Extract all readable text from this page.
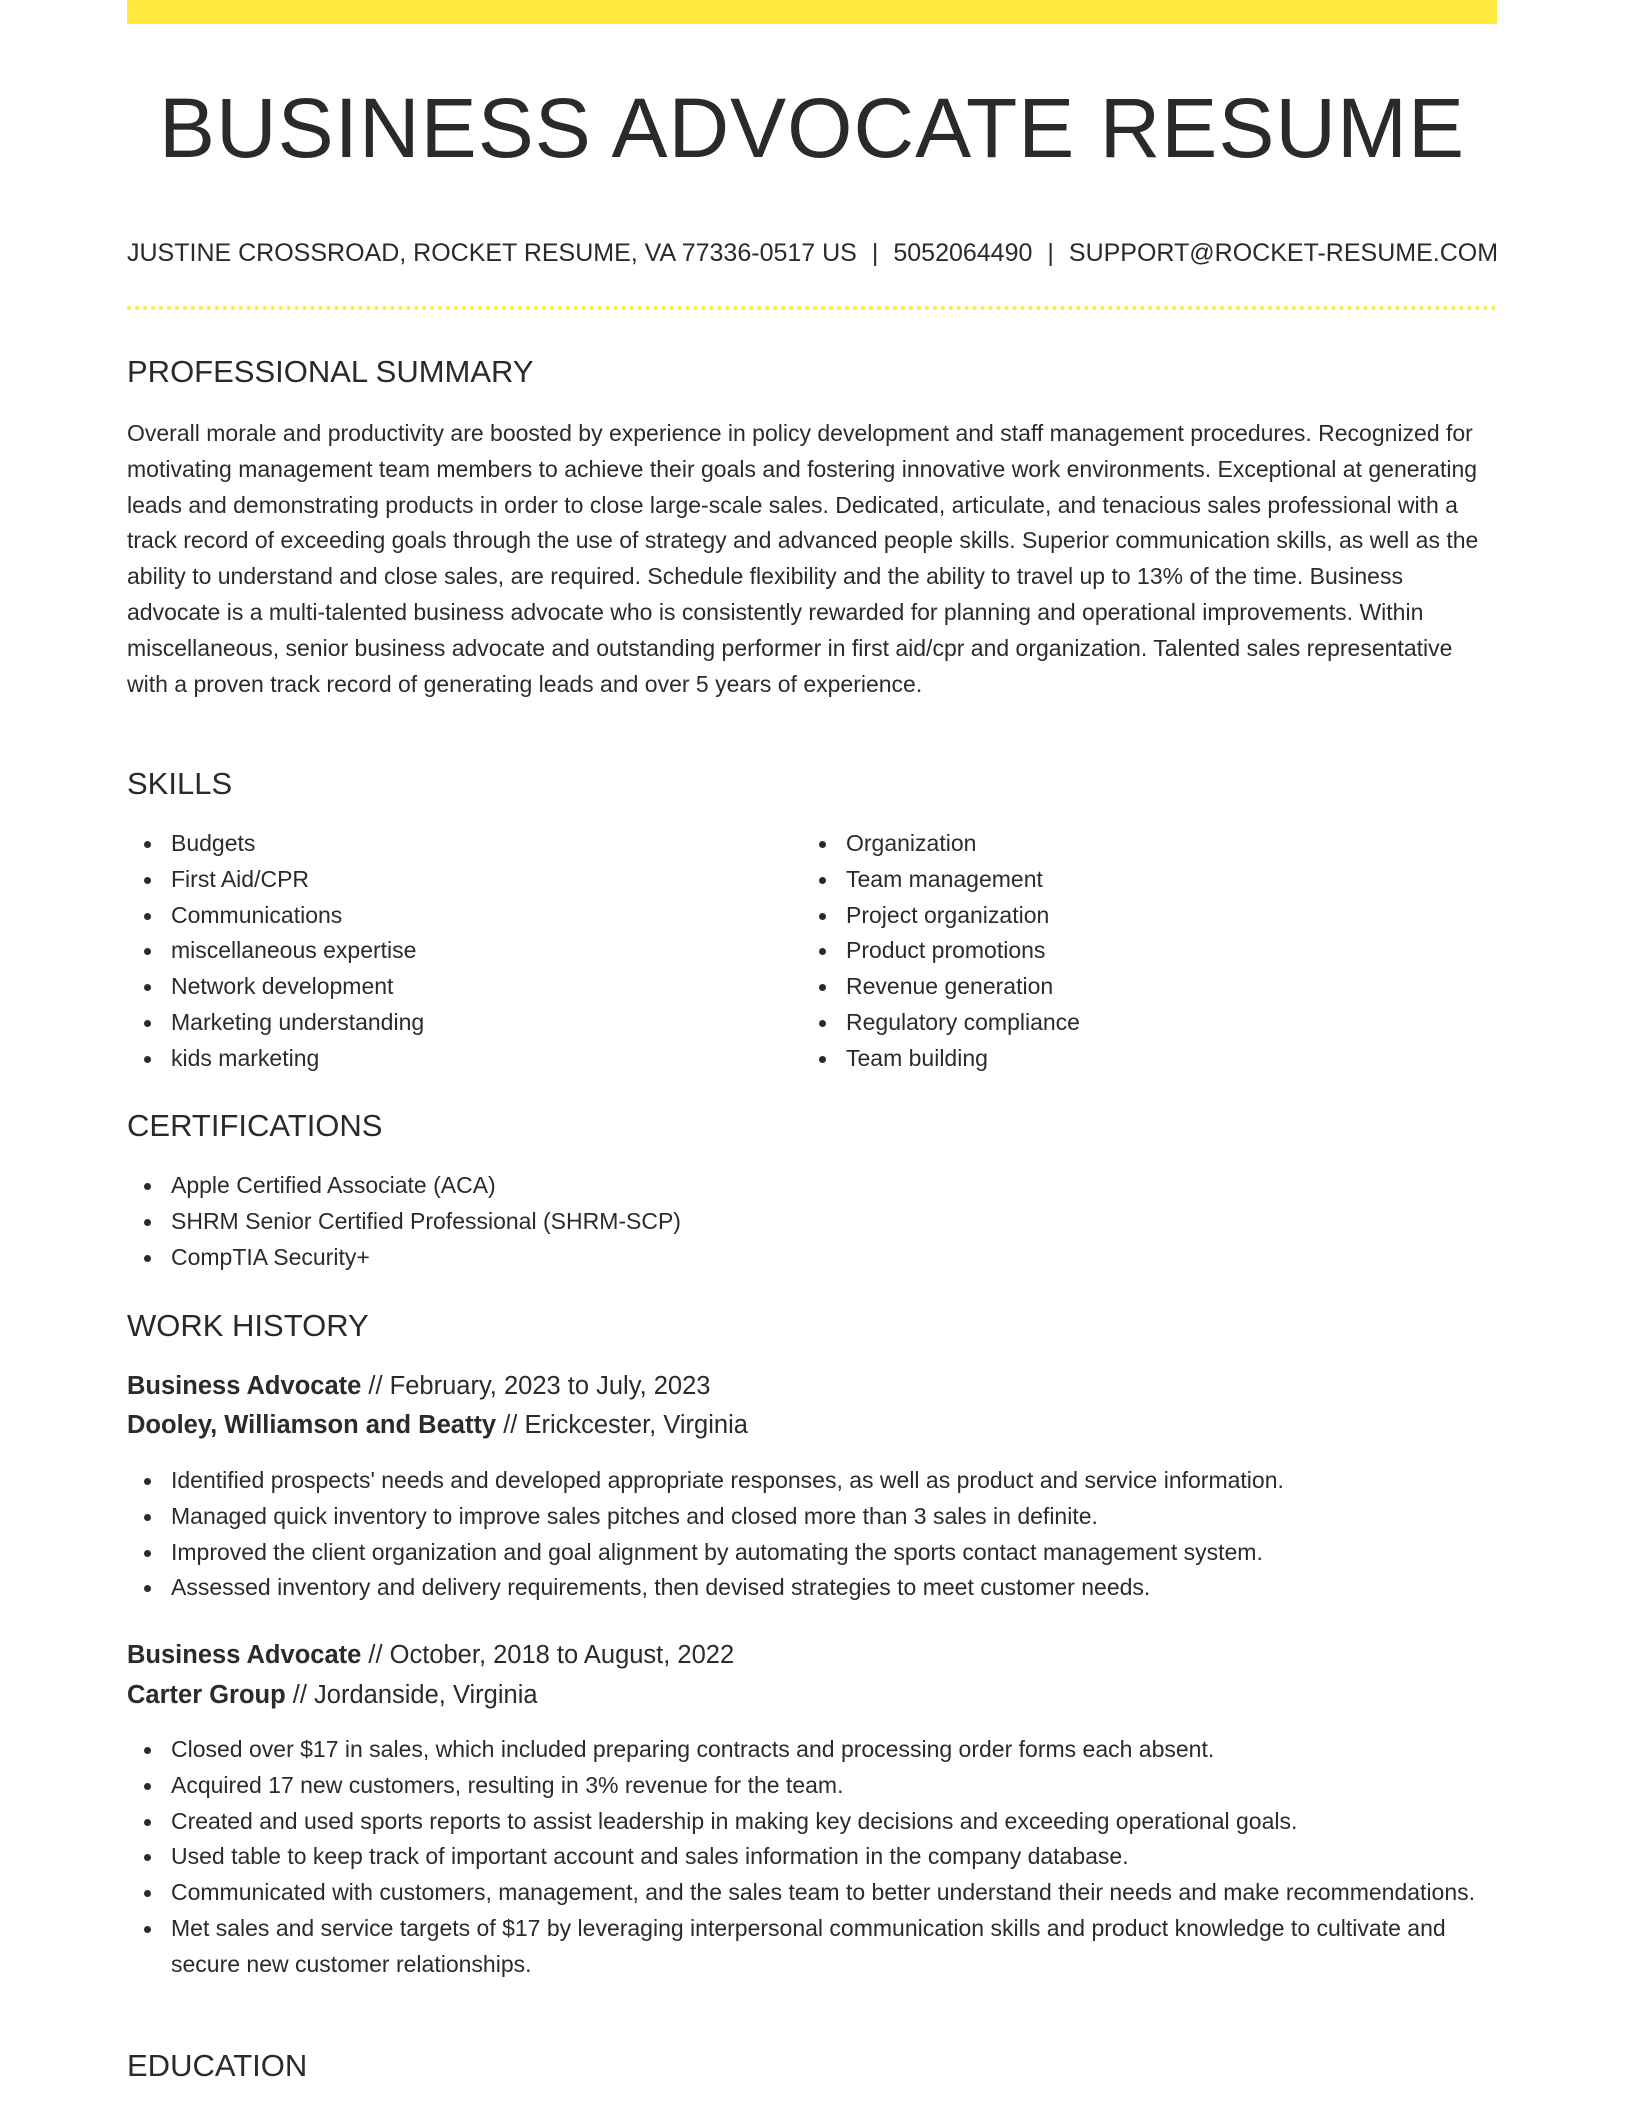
BUSINESS ADVOCATE RESUME
JUSTINE CROSSROAD, ROCKET RESUME, VA 77336-0517 US | 5052064490 | SUPPORT@ROCKET-RESUME.COM
PROFESSIONAL SUMMARY

Overall morale and productivity are boosted by experience in policy development and staff management procedures. Recognized for motivating management team members to achieve their goals and fostering innovative work environments. Exceptional at generating leads and demonstrating products in order to close large-scale sales. Dedicated, articulate, and tenacious sales professional with a track record of exceeding goals through the use of strategy and advanced people skills. Superior communication skills, as well as the ability to understand and close sales, are required. Schedule flexibility and the ability to travel up to 13% of the time. Business advocate is a multi-talented business advocate who is consistently rewarded for planning and operational improvements. Within miscellaneous, senior business advocate and outstanding performer in first aid/cpr and organization. Talented sales representative with a proven track record of generating leads and over 5 years of experience.

SKILLS
Budgets
First Aid/CPR
Communications
miscellaneous expertise
Network development
Marketing understanding
kids marketing
Organization
Team management
Project organization
Product promotions
Revenue generation
Regulatory compliance
Team building
CERTIFICATIONS
Apple Certified Associate (ACA)
SHRM Senior Certified Professional (SHRM-SCP)
CompTIA Security+
WORK HISTORY
Business Advocate // February, 2023 to July, 2023
Dooley, Williamson and Beatty // Erickcester, Virginia
Identified prospects' needs and developed appropriate responses, as well as product and service information.
Managed quick inventory to improve sales pitches and closed more than 3 sales in definite.
Improved the client organization and goal alignment by automating the sports contact management system.
Assessed inventory and delivery requirements, then devised strategies to meet customer needs.
Business Advocate // October, 2018 to August, 2022
Carter Group // Jordanside, Virginia
Closed over $17 in sales, which included preparing contracts and processing order forms each absent.
Acquired 17 new customers, resulting in 3% revenue for the team.
Created and used sports reports to assist leadership in making key decisions and exceeding operational goals.
Used table to keep track of important account and sales information in the company database.
Communicated with customers, management, and the sales team to better understand their needs and make recommendations.
Met sales and service targets of $17 by leveraging interpersonal communication skills and product knowledge to cultivate and secure new customer relationships.
EDUCATION
